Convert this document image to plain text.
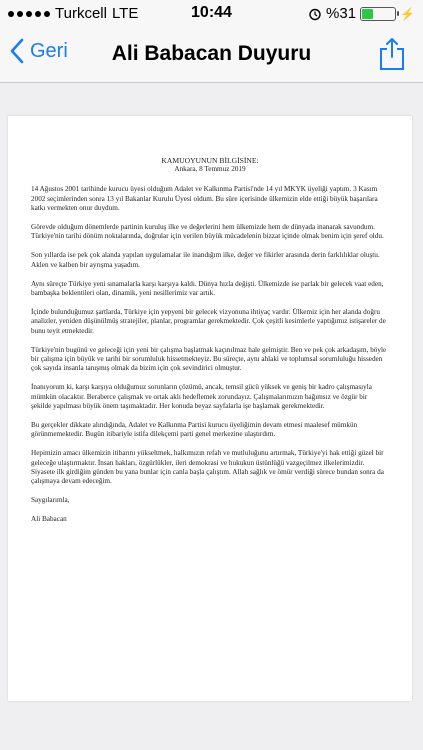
Turkcell LTE	10:44	%31	⚡
Geri	Ali Babacan Duyuru
KAMUOYUNUN BİLGİSİNE:
Ankara, 8 Temmuz 2019

14 Ağustos 2001 tarihinde kurucu üyesi olduğum Adalet ve Kalkınma Partisi'nde 14 yıl MKYK üyeliği yaptım. 3 Kasım 2002 seçimlerinden sonra 13 yıl Bakanlar Kurulu Üyesi oldum. Bu süre içerisinde ülkemizin elde ettiği büyük başarılara katkı vermekten onur duydum.

Görevde olduğum dönemlerde partinin kuruluş ilke ve değerlerini hem ülkemizde hem de dünyada inanarak savundum. Türkiye'nin tarihi dönüm noktalarında, doğrular için verilen büyük mücadelenin bizzat içinde olmak benim için şeref oldu.

Son yıllarda ise pek çok alanda yapılan uygulamalar ile inandığım ilke, değer ve fikirler arasında derin farklılıklar oluştu. Aklen ve kalben bir ayrışma yaşadım.

Aynı süreçte Türkiye yeni sınamalarla karşı karşıya kaldı. Dünya hızla değişti. Ülkemizde ise parlak bir gelecek vaat eden, bambaşka beklentileri olan, dinamik, yeni nesillerimiz var artık.

İçinde bulunduğumuz şartlarda, Türkiye için yepyeni bir gelecek vizyonuna ihtiyaç vardır. Ülkemiz için her alanda doğru analizler, yeniden düşünülmüş stratejiler, planlar, programlar gerekmektedir. Çok çeşitli kesimlerle yaptığımız istişareler de bunu teyit etmektedir.

Türkiye'nin bugünü ve geleceği için yeni bir çalışma başlatmak kaçınılmaz hale gelmiştir. Ben ve pek çok arkadaşım, böyle bir çalışma için büyük ve tarihi bir sorumluluk hissetmekteyiz. Bu süreçte, aynı ahlaki ve toplumsal sorumluluğu hisseden çok sayıda insanla tanışmış olmak da bizim için çok sevindirici olmuştur.

İnanıyorum ki, karşı karşıya olduğumuz sorunların çözümü, ancak, temsil gücü yüksek ve geniş bir kadro çalışmasıyla mümkün olacaktır. Beraberce çalışmak ve ortak aklı hedeflemek zorundayız. Çalışmalarımızın bağımsız ve özgür bir şekilde yapılması büyük önem taşımaktadır. Her konuda beyaz sayfalarla işe başlamak gerekmektedir.

Bu gerçekler dikkate alındığında, Adalet ve Kalkınma Partisi kurucu üyeliğimin devam etmesi maalesef mümkün görünmemektedir. Bugün itibariyle istifa dilekçemi parti genel merkezine ulaştırdım.

Hepimizin amacı ülkemizin itibarını yükseltmek, halkımızın refah ve mutluluğunu artırmak, Türkiye'yi hak ettiği güzel bir geleceğe ulaştırmaktır. İnsan hakları, özgürlükler, ileri demokrasi ve hukukun üstünlüğü vazgeçilmez ilkelerimizdir. Siyasete ilk girdiğim günden bu yana bunlar için canla başla çalıştım. Allah sağlık ve ömür verdiği sürece bundan sonra da çalışmaya devam edeceğim.

Saygılarımla,

Ali Babacan
